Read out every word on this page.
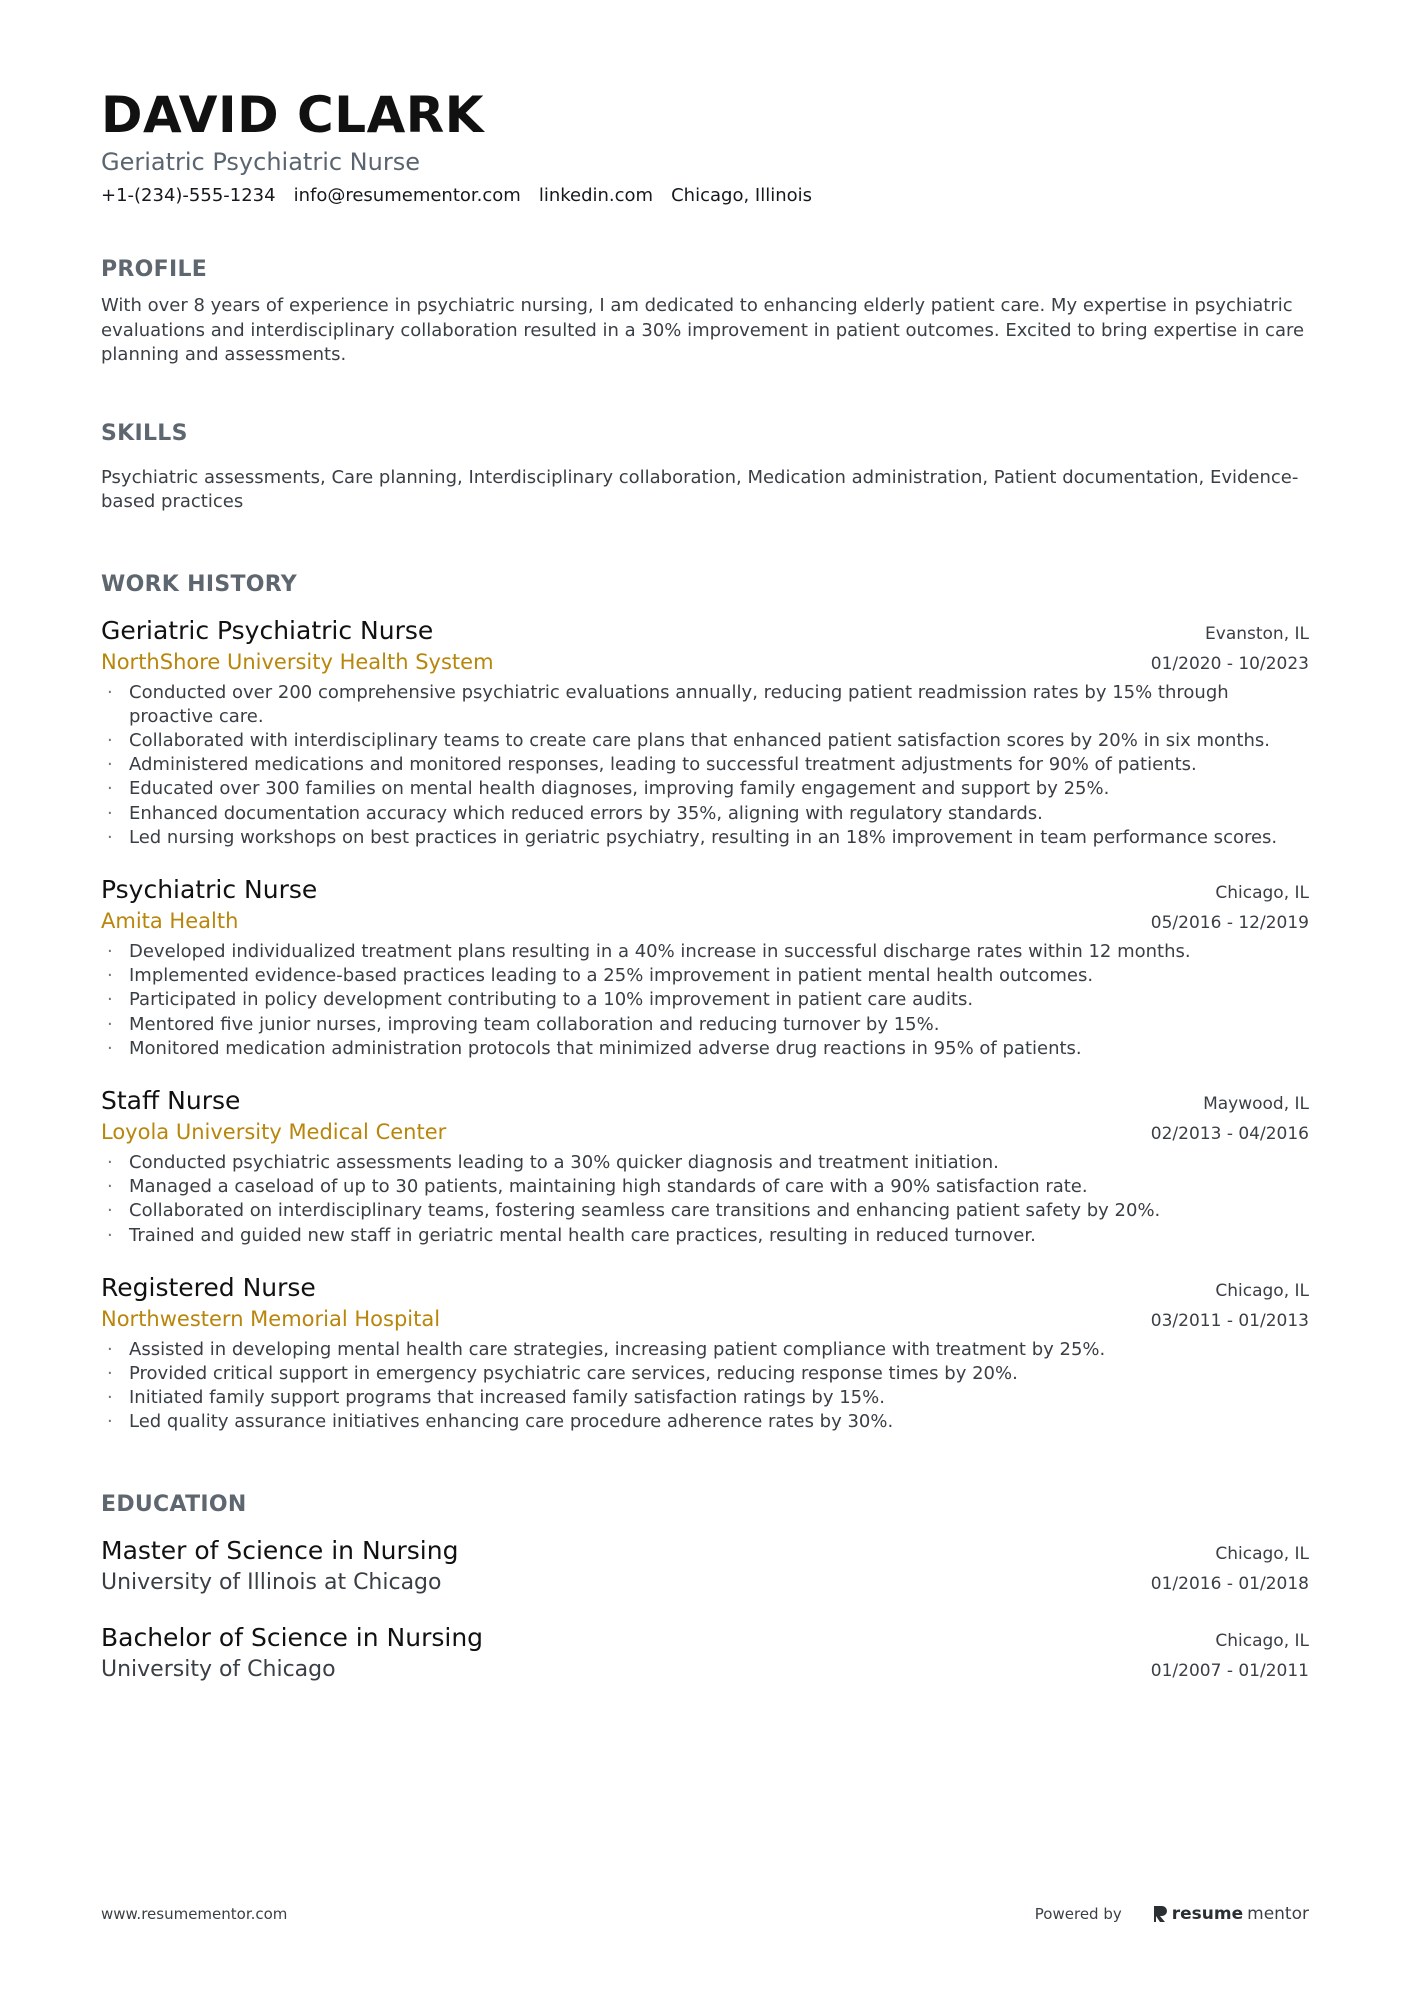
DAVID CLARK
Geriatric Psychiatric Nurse
+1-(234)-555-1234 info@resumementor.com linkedin.com Chicago, Illinois
PROFILE

With over 8 years of experience in psychiatric nursing, I am dedicated to enhancing elderly patient care. My expertise in psychiatric evaluations and interdisciplinary collaboration resulted in a 30% improvement in patient outcomes. Excited to bring expertise in care planning and assessments.

SKILLS

Psychiatric assessments, Care planning, Interdisciplinary collaboration, Medication administration, Patient documentation, Evidence-based practices

WORK HISTORY
Geriatric Psychiatric Nurse	Evanston, IL
NorthShore University Health System	01/2020 - 10/2023
· Conducted over 200 comprehensive psychiatric evaluations annually, reducing patient readmission rates by 15% through proactive care.
· Collaborated with interdisciplinary teams to create care plans that enhanced patient satisfaction scores by 20% in six months.
· Administered medications and monitored responses, leading to successful treatment adjustments for 90% of patients.
· Educated over 300 families on mental health diagnoses, improving family engagement and support by 25%.
· Enhanced documentation accuracy which reduced errors by 35%, aligning with regulatory standards.
· Led nursing workshops on best practices in geriatric psychiatry, resulting in an 18% improvement in team performance scores.
Psychiatric Nurse	Chicago, IL
Amita Health	05/2016 - 12/2019
· Developed individualized treatment plans resulting in a 40% increase in successful discharge rates within 12 months.
· Implemented evidence-based practices leading to a 25% improvement in patient mental health outcomes.
· Participated in policy development contributing to a 10% improvement in patient care audits.
· Mentored five junior nurses, improving team collaboration and reducing turnover by 15%.
· Monitored medication administration protocols that minimized adverse drug reactions in 95% of patients.
Staff Nurse	Maywood, IL
Loyola University Medical Center	02/2013 - 04/2016
· Conducted psychiatric assessments leading to a 30% quicker diagnosis and treatment initiation.
· Managed a caseload of up to 30 patients, maintaining high standards of care with a 90% satisfaction rate.
· Collaborated on interdisciplinary teams, fostering seamless care transitions and enhancing patient safety by 20%.
· Trained and guided new staff in geriatric mental health care practices, resulting in reduced turnover.
Registered Nurse	Chicago, IL
Northwestern Memorial Hospital	03/2011 - 01/2013
· Assisted in developing mental health care strategies, increasing patient compliance with treatment by 25%.
· Provided critical support in emergency psychiatric care services, reducing response times by 20%.
· Initiated family support programs that increased family satisfaction ratings by 15%.
· Led quality assurance initiatives enhancing care procedure adherence rates by 30%.
EDUCATION
Master of Science in Nursing	Chicago, IL
University of Illinois at Chicago	01/2016 - 01/2018
Bachelor of Science in Nursing	Chicago, IL
University of Chicago	01/2007 - 01/2011
www.resumementor.com	Powered by	resume mentor
